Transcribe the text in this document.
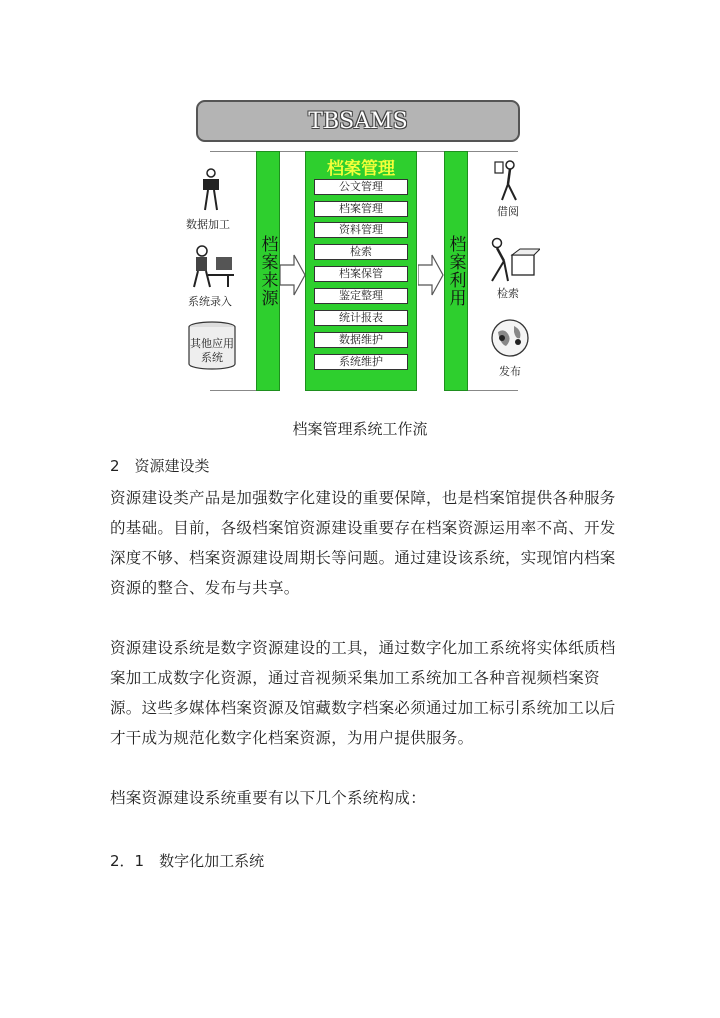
TBSAMS
档案来源
档案管理
公文管理
档案管理
资料管理
检索
档案保管
鉴定整理
统计报表
数据维护
系统维护
档案利用
数据加工
系统录入
其他应用系统
借阅
检索
发布
档案管理系统工作流
2　资源建设类
资源建设类产品是加强数字化建设的重要保障，也是档案馆提供各种服务的基础。目前，各级档案馆资源建设重要存在档案资源运用率不高、开发深度不够、档案资源建设周期长等问题。通过建设该系统，实现馆内档案资源的整合、发布与共享。
资源建设系统是数字资源建设的工具，通过数字化加工系统将实体纸质档案加工成数字化资源，通过音视频采集加工系统加工各种音视频档案资源。这些多媒体档案资源及馆藏数字档案必须通过加工标引系统加工以后才干成为规范化数字化档案资源，为用户提供服务。
档案资源建设系统重要有以下几个系统构成：
2．1　数字化加工系统
